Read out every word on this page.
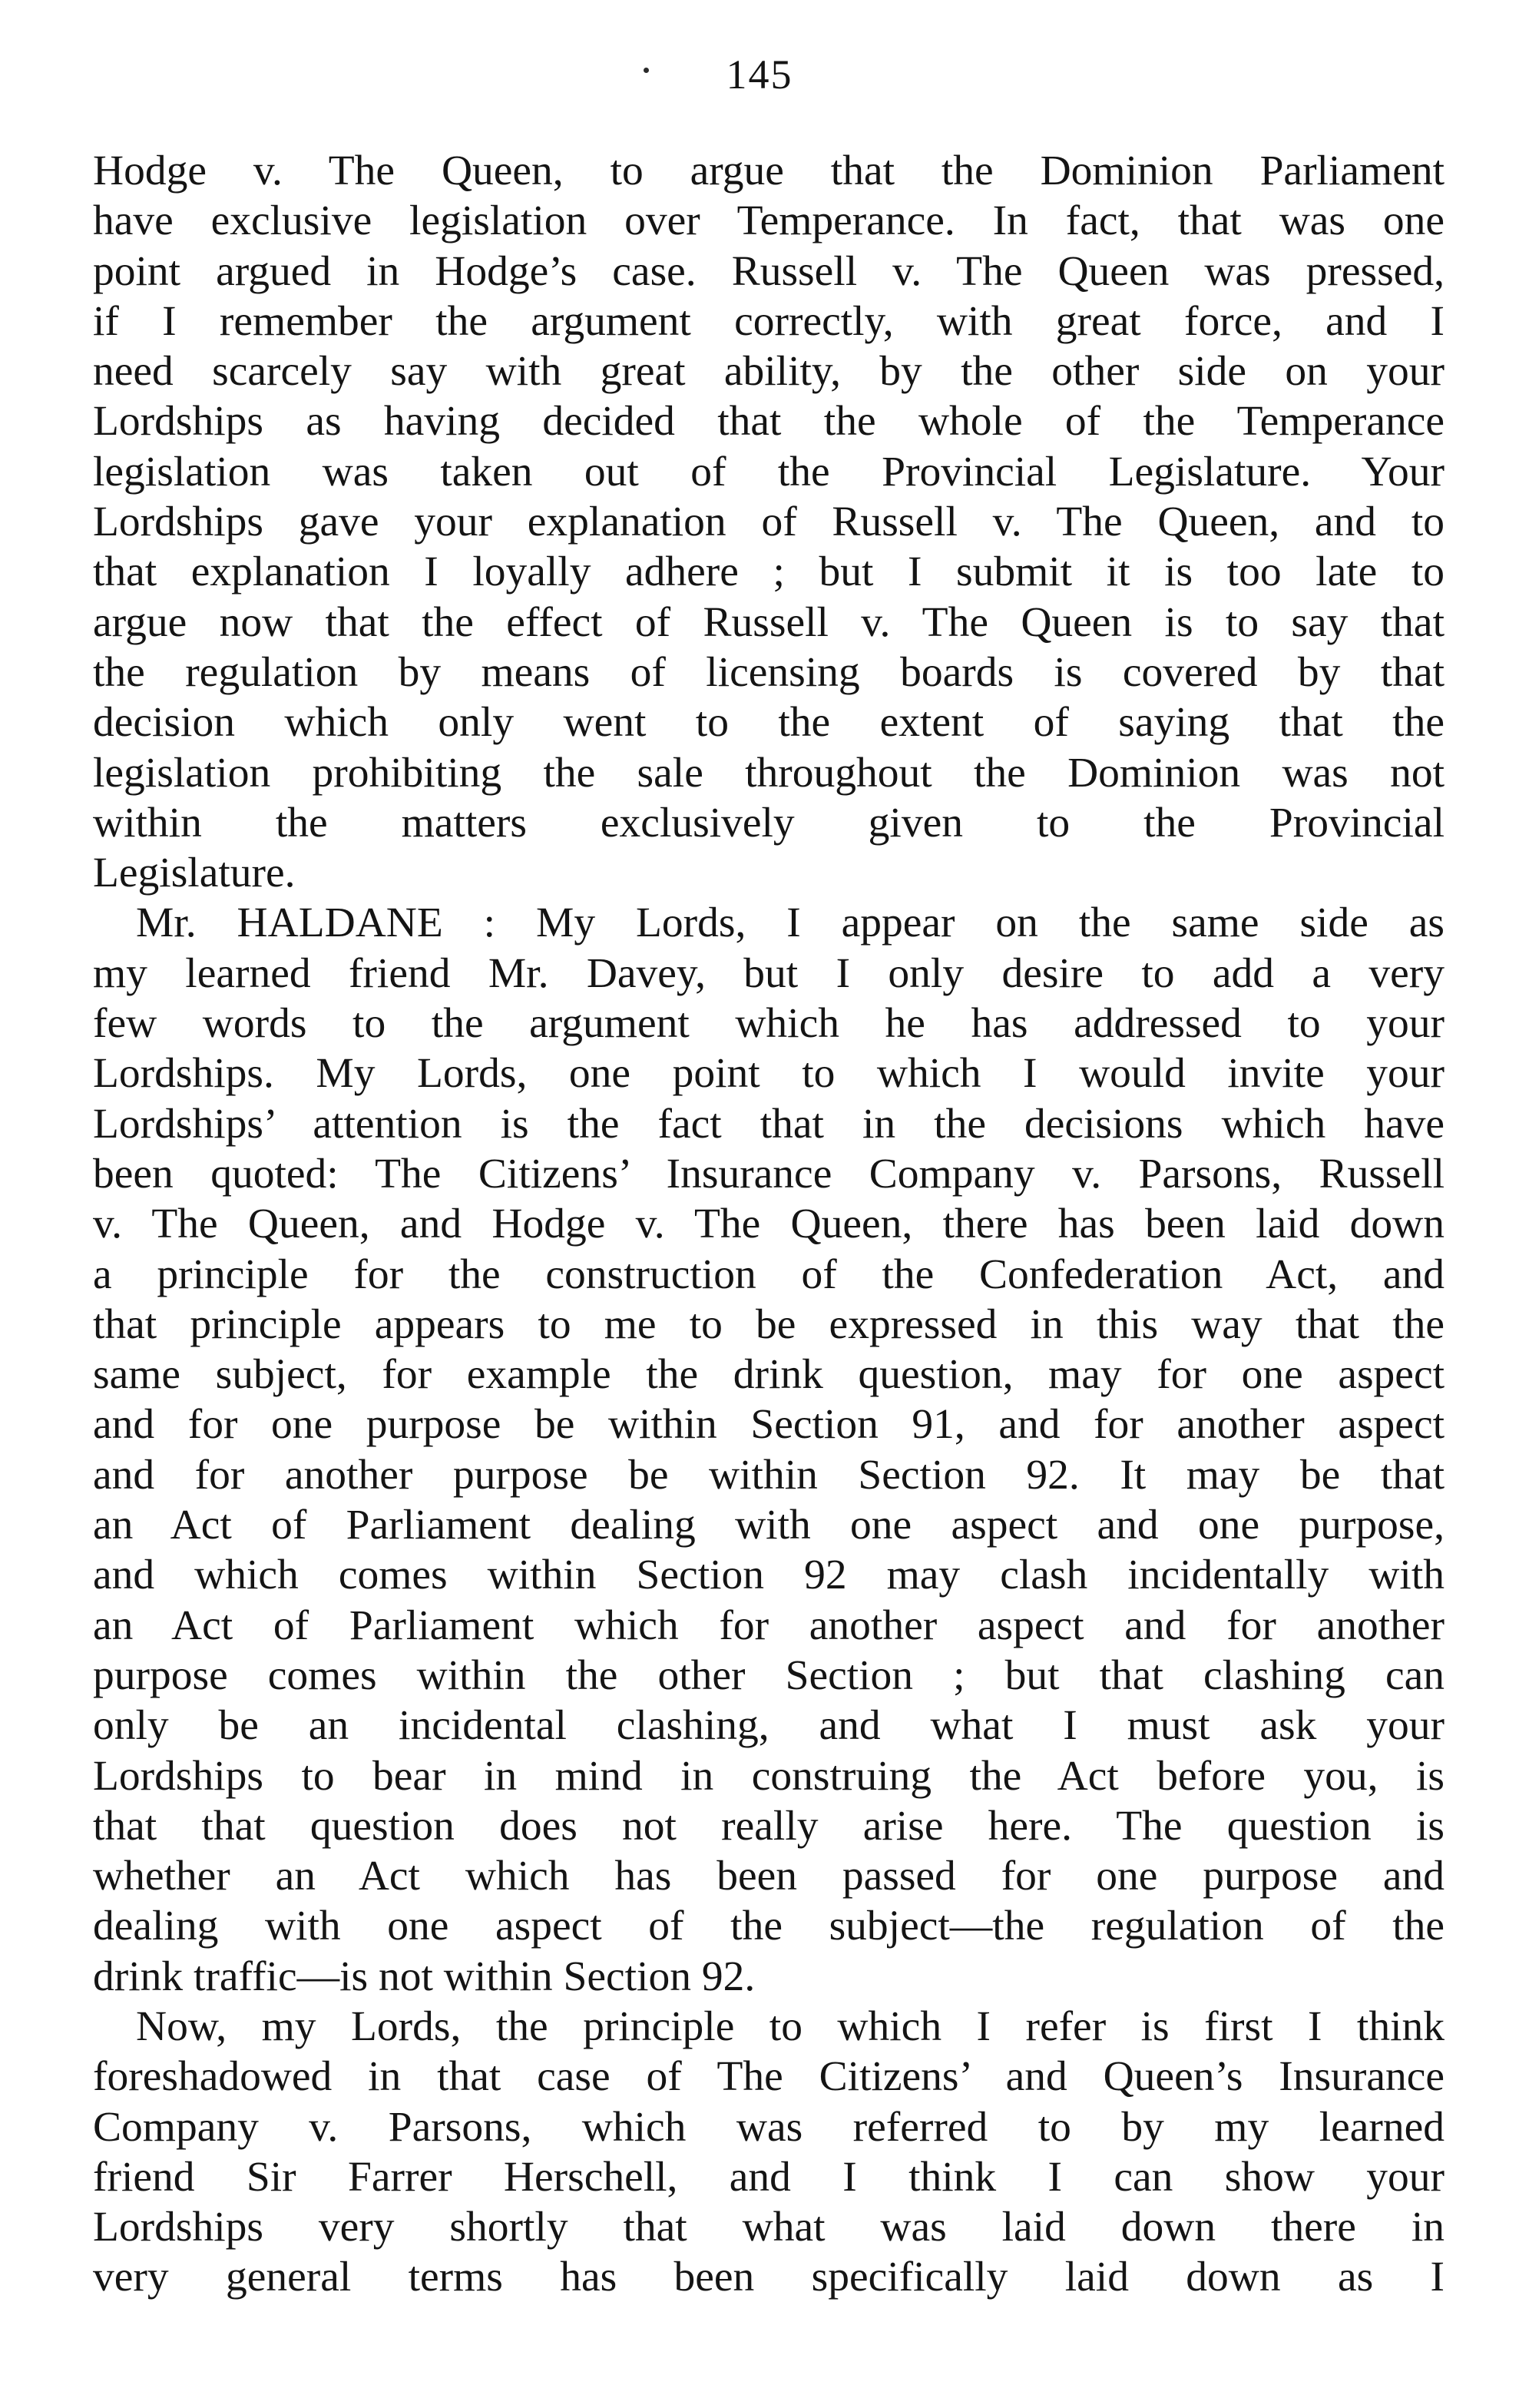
145
Hodge v. The Queen, to argue that the Dominion Parliament
have exclusive legislation over Temperance. In fact, that was one
point argued in Hodge’s case. Russell v. The Queen was pressed,
if I remember the argument correctly, with great force, and I
need scarcely say with great ability, by the other side on your
Lordships as having decided that the whole of the Temperance
legislation was taken out of the Provincial Legislature. Your
Lordships gave your explanation of Russell v. The Queen, and to
that explanation I loyally adhere ; but I submit it is too late to
argue now that the effect of Russell v. The Queen is to say that
the regulation by means of licensing boards is covered by that
decision which only went to the extent of saying that the
legislation prohibiting the sale throughout the Dominion was not
within the matters exclusively given to the Provincial
Legislature.
Mr. HALDANE : My Lords, I appear on the same side as
my learned friend Mr. Davey, but I only desire to add a very
few words to the argument which he has addressed to your
Lordships. My Lords, one point to which I would invite your
Lordships’ attention is the fact that in the decisions which have
been quoted: The Citizens’ Insurance Company v. Parsons, Russell
v. The Queen, and Hodge v. The Queen, there has been laid down
a principle for the construction of the Confederation Act, and
that principle appears to me to be expressed in this way that the
same subject, for example the drink question, may for one aspect
and for one purpose be within Section 91, and for another aspect
and for another purpose be within Section 92. It may be that
an Act of Parliament dealing with one aspect and one purpose,
and which comes within Section 92 may clash incidentally with
an Act of Parliament which for another aspect and for another
purpose comes within the other Section ; but that clashing can
only be an incidental clashing, and what I must ask your
Lordships to bear in mind in construing the Act before you, is
that that question does not really arise here. The question is
whether an Act which has been passed for one purpose and
dealing with one aspect of the subject—the regulation of the
drink traffic—is not within Section 92.
Now, my Lords, the principle to which I refer is first I think
foreshadowed in that case of The Citizens’ and Queen’s Insurance
Company v. Parsons, which was referred to by my learned
friend Sir Farrer Herschell, and I think I can show your
Lordships very shortly that what was laid down there in
very general terms has been specifically laid down as I
